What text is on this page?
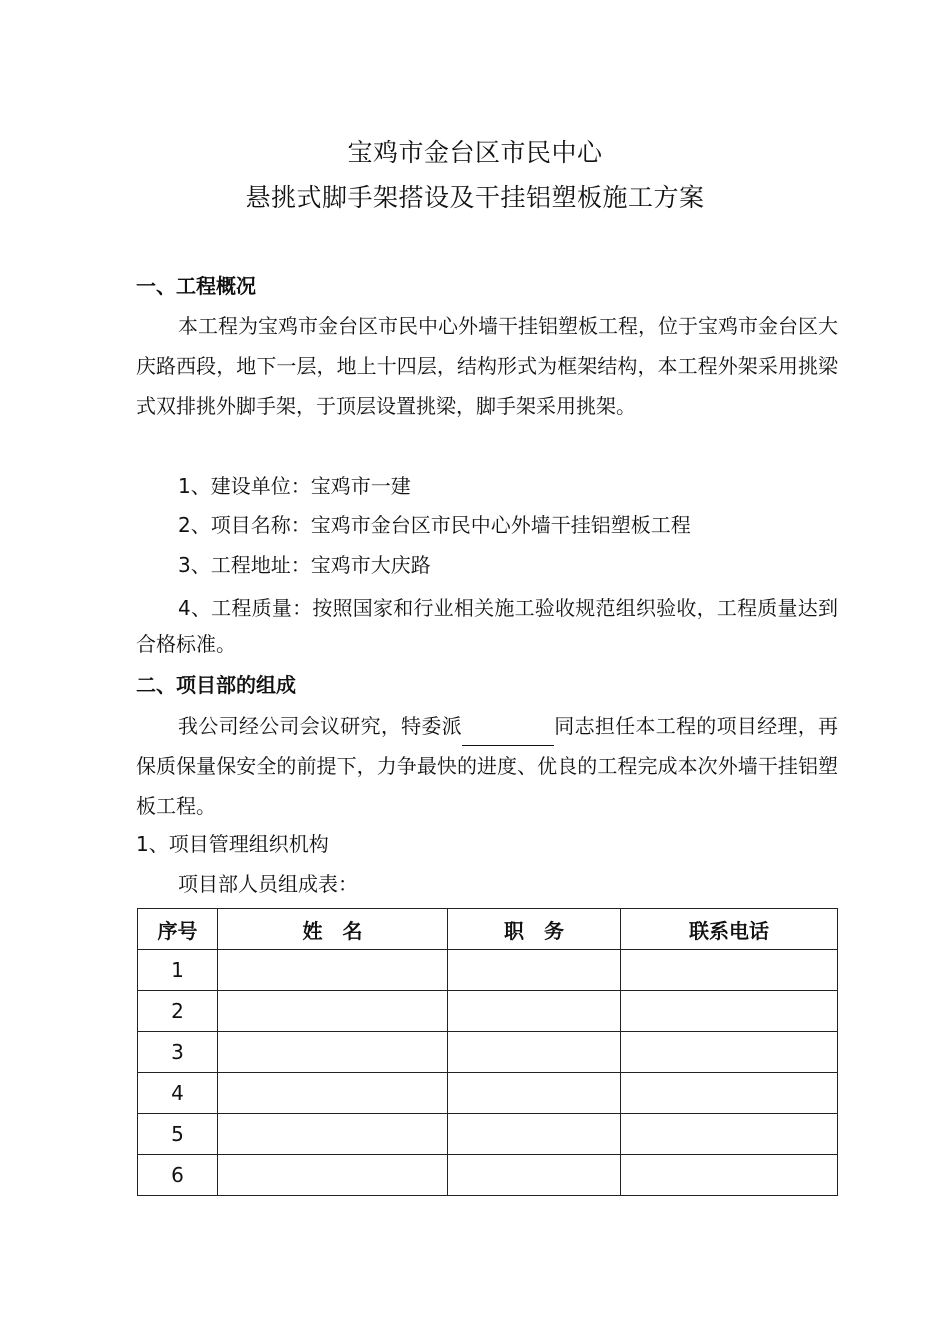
宝鸡市金台区市民中心
悬挑式脚手架搭设及干挂铝塑板施工方案
一、工程概况
本工程为宝鸡市金台区市民中心外墙干挂铝塑板工程，位于宝鸡市金台区大庆路西段，地下一层，地上十四层，结构形式为框架结构，本工程外架采用挑梁式双排挑外脚手架，于顶层设置挑梁，脚手架采用挑架。
1、建设单位：宝鸡市一建
2、项目名称：宝鸡市金台区市民中心外墙干挂铝塑板工程
3、工程地址：宝鸡市大庆路
4、工程质量：按照国家和行业相关施工验收规范组织验收，工程质量达到合格标准。
二、项目部的组成
我公司经公司会议研究，特委派	同志担任本工程的项目经理，再保质保量保安全的前提下，力争最快的进度、优良的工程完成本次外墙干挂铝塑板工程。
1、项目管理组织机构
项目部人员组成表：
序号	姓　名	职　务	联系电话
1			
2			
3			
4			
5			
6			
